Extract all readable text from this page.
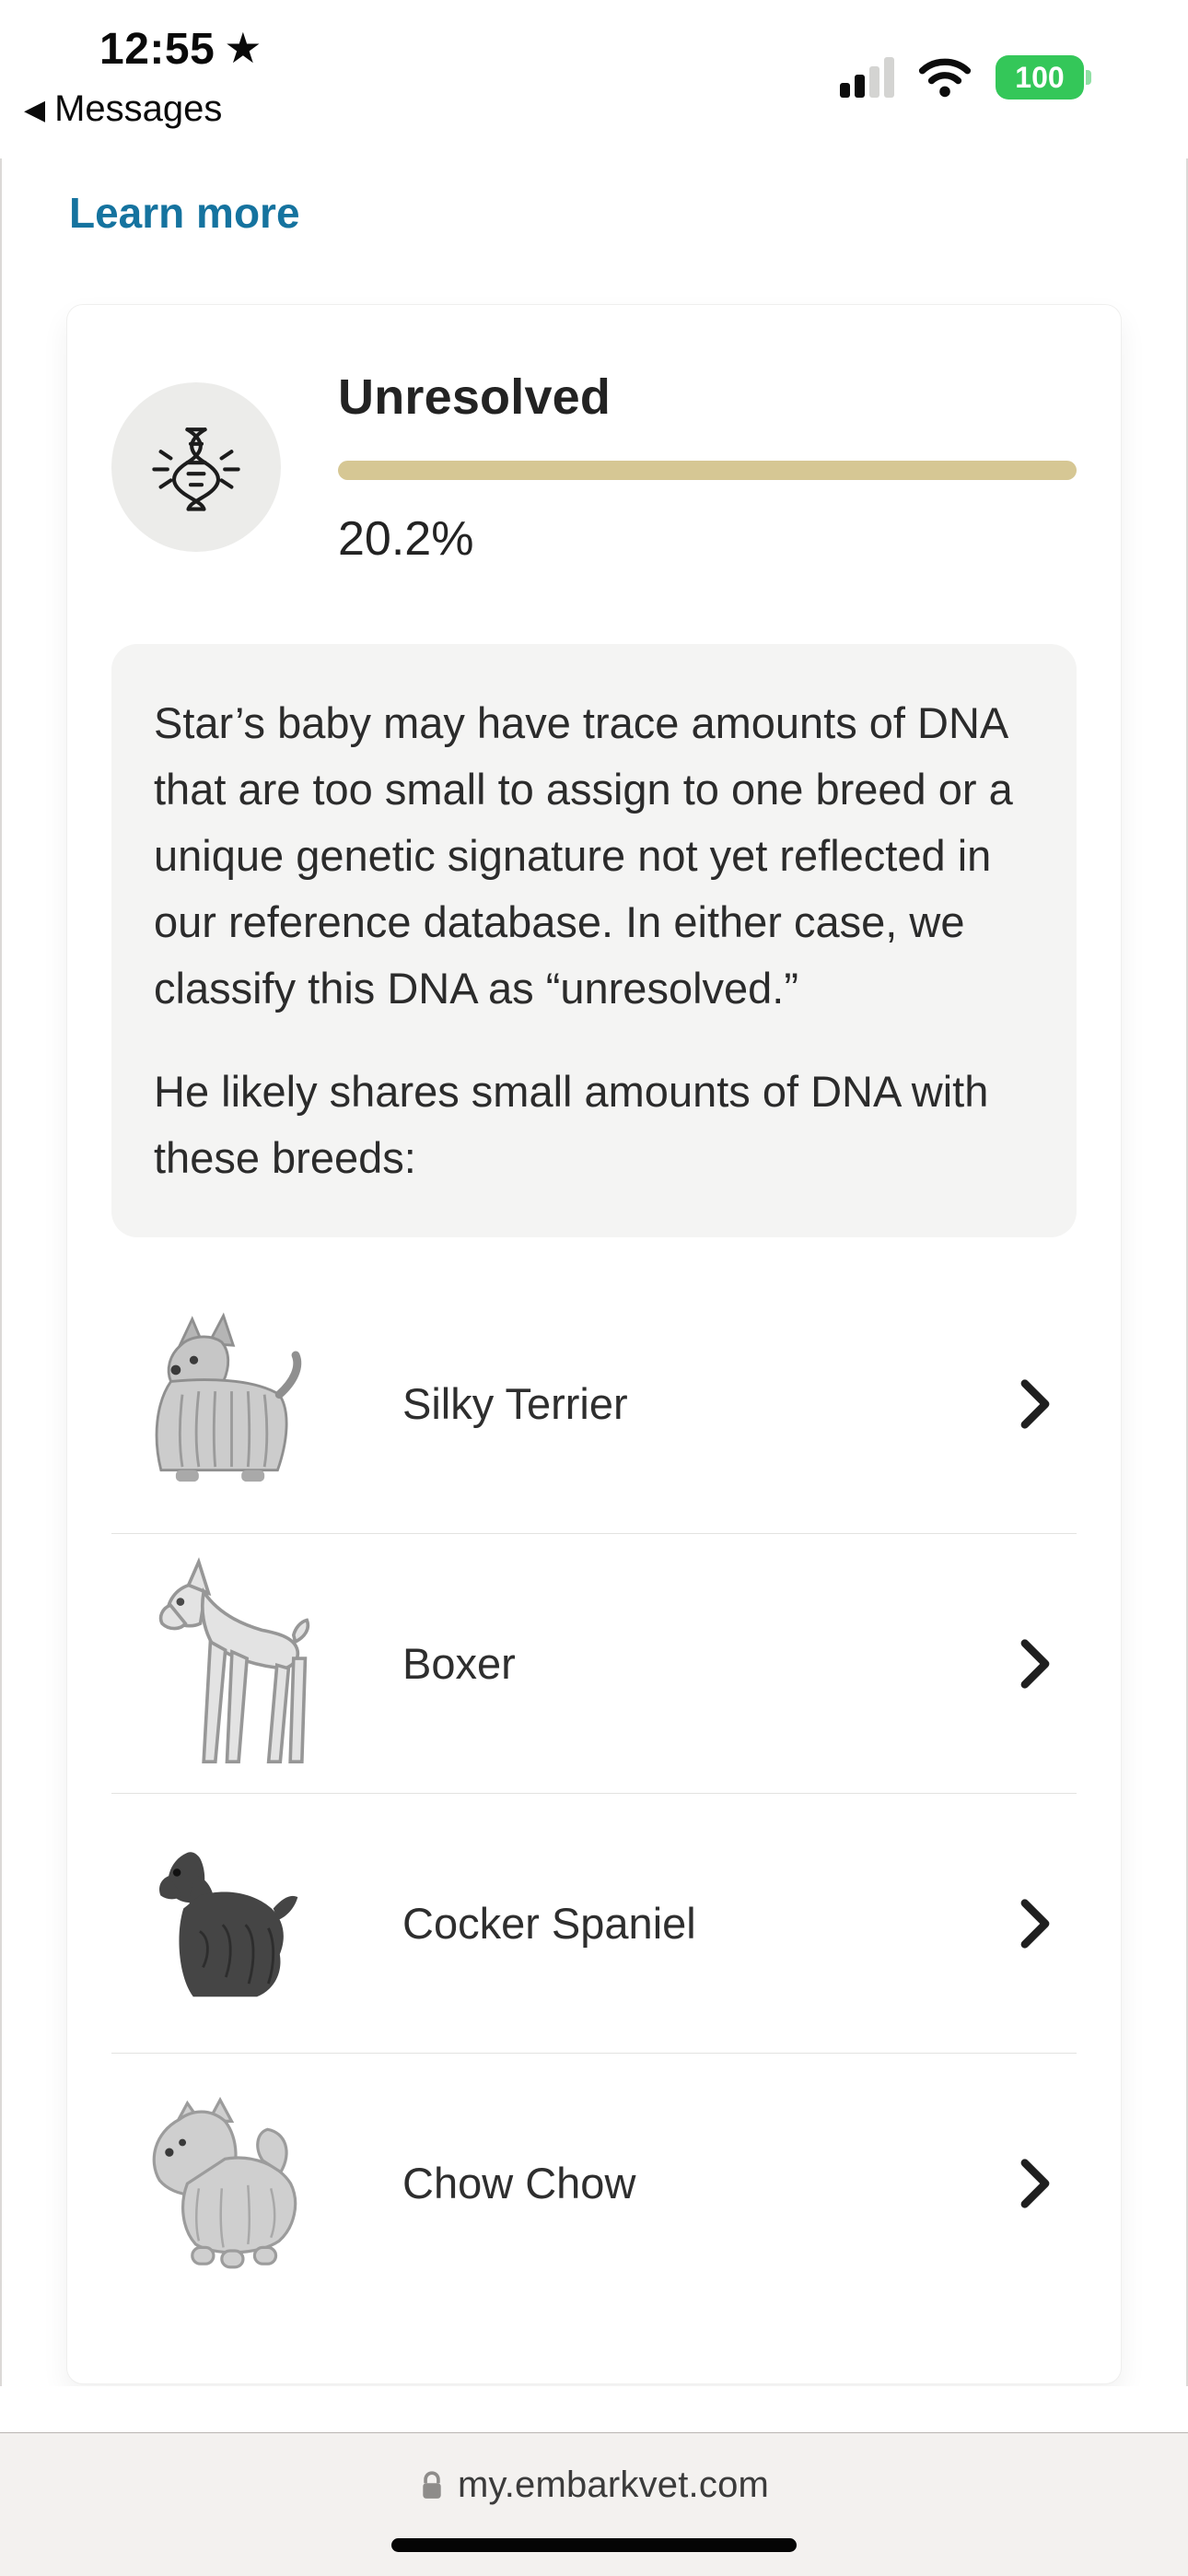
12:55 ★
◀ Messages
100
Learn more
Unresolved
20.2%

Star’s baby may have trace amounts of DNA that are too small to assign to one breed or a unique genetic signature not yet reflected in our reference database. In either case, we classify this DNA as “unresolved.”

He likely shares small amounts of DNA with these breeds:

Silky Terrier
Boxer
Cocker Spaniel
Chow Chow
my.embarkvet.com
